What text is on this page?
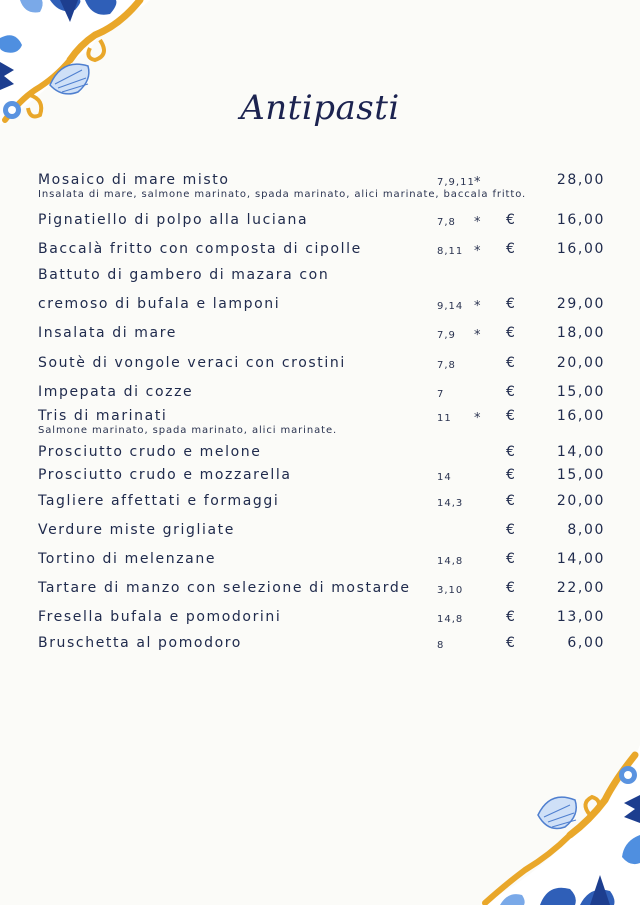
Antipasti
Mosaico di mare misto	7,9,11 *	28,00
Insalata di mare, salmone marinato, spada marinato, alici marinate, baccala fritto.
Pignatiello di polpo alla luciana	7,8 * €	16,00
Baccalà fritto con composta di cipolle	8,11 * €	16,00
Battuto di gambero di mazara con
cremoso di bufala e lamponi	9,14 * €	29,00
Insalata di mare	7,9 * €	18,00
Soutè di vongole veraci con crostini	7,8	€	20,00
Impepata di cozze	7	€	15,00
Tris di marinati	11 * €	16,00
Salmone marinato, spada marinato, alici marinate.
Prosciutto crudo e melone	€	14,00
Prosciutto crudo e mozzarella	14	€	15,00
Tagliere affettati e formaggi	14,3	€	20,00
Verdure miste grigliate	€	8,00
Tortino di melenzane	14,8	€	14,00
Tartare di manzo con selezione di mostarde	3,10	€	22,00
Fresella bufala e pomodorini	14,8	€	13,00
Bruschetta al pomodoro	8	€	6,00
